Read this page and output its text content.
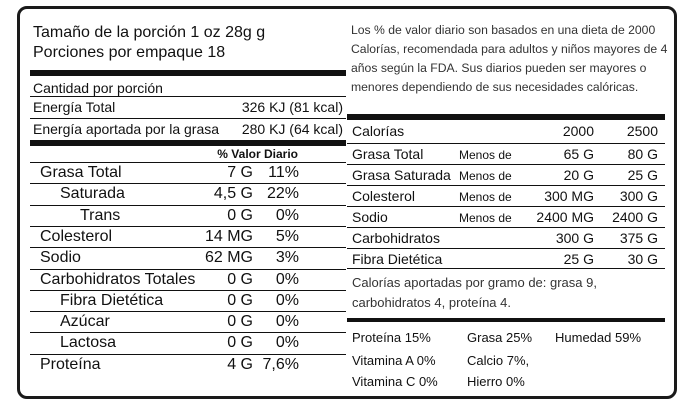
Tamaño de la porción 1 oz 28g g
Porciones por empaque 18
Cantidad por porción
Energía Total	326 KJ (81 kcal)
Energía aportada por la grasa	280 KJ (64 kcal)
% Valor Diario
Grasa Total	7 G 11%
Saturada	4,5 G 22%
Trans	0 G	0%
Colesterol	14 MG	5%
Sodio	62 MG	3%
Carbohidratos Totales	0 G	0%
Fibra Dietética	0 G	0%
Azúcar	0 G	0%
Lactosa	0 G	0%
Proteína	4 G 7,6%
Los % de valor diario son basados en una dieta de 2000
Calorías, recomendada para adultos y niños mayores de 4
años según la FDA. Sus diarios pueden ser mayores o
menores dependiendo de sus necesidades calóricas.
Calorías	2000	2500
Grasa Total	Menos de	65 G	80 G
Grasa Saturada Menos de	20 G	25 G
Colesterol	Menos de	300 MG	300 G
Sodio	Menos de	2400 MG	2400 G
Carbohidratos	300 G	375 G
Fibra Dietética	25 G	30 G
Calorías aportadas por gramo de: grasa 9,
carbohidratos 4, proteína 4.
Proteína 15%	Grasa 25% Humedad 59%
Vitamina A 0% Calcio 7%,
Vitamina C 0% Hierro 0%
